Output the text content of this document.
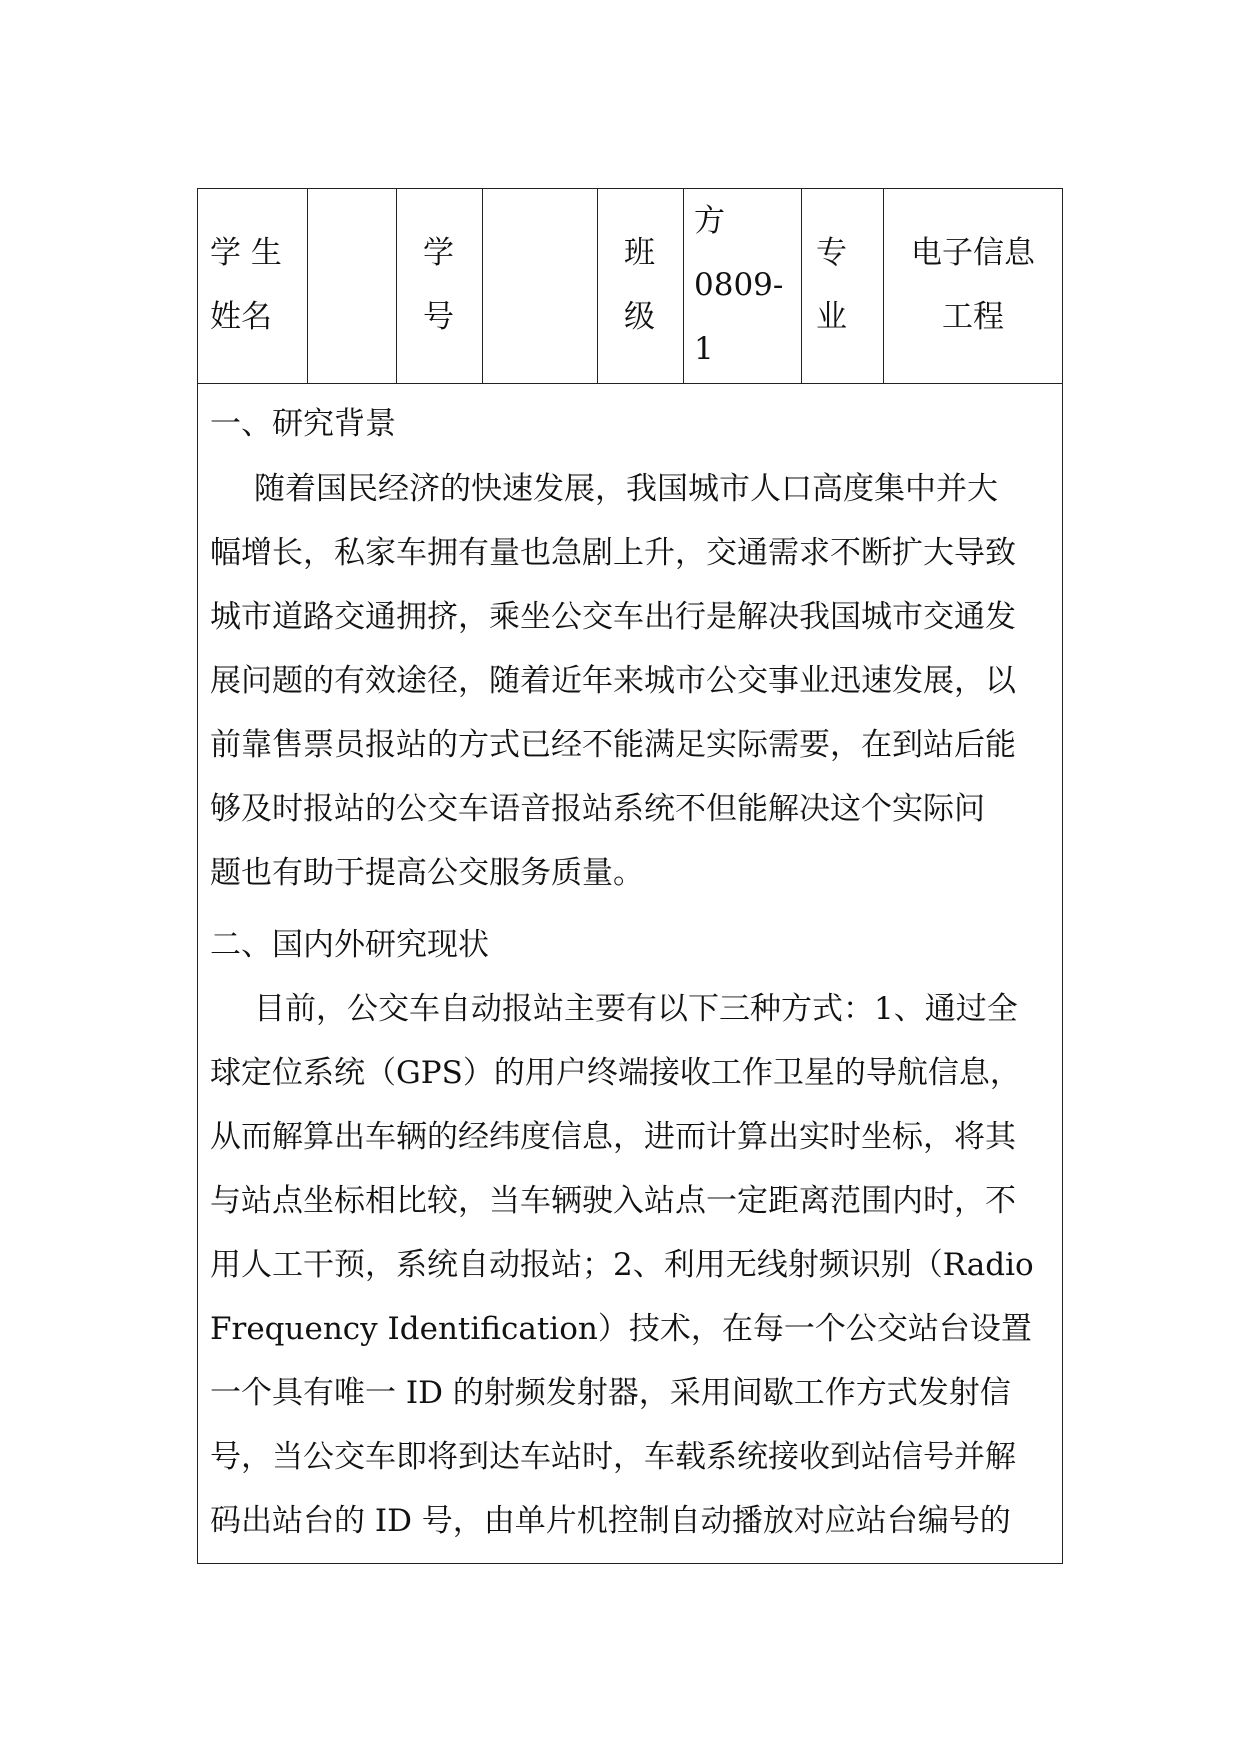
学 生
姓名
学
号
班
级
方
0809-
1
专
业
电子信息
工程
一、研究背景
随着国民经济的快速发展，我国城市人口高度集中并大
幅增长，私家车拥有量也急剧上升，交通需求不断扩大导致
城市道路交通拥挤，乘坐公交车出行是解决我国城市交通发
展问题的有效途径，随着近年来城市公交事业迅速发展，以
前靠售票员报站的方式已经不能满足实际需要，在到站后能
够及时报站的公交车语音报站系统不但能解决这个实际问
题也有助于提高公交服务质量。
二、国内外研究现状
目前，公交车自动报站主要有以下三种方式：1、通过全
球定位系统（GPS）的用户终端接收工作卫星的导航信息，
从而解算出车辆的经纬度信息，进而计算出实时坐标，将其
与站点坐标相比较，当车辆驶入站点一定距离范围内时，不
用人工干预，系统自动报站；2、利用无线射频识别（Radio
Frequency Identification）技术，在每一个公交站台设置
一个具有唯一 ID 的射频发射器，采用间歇工作方式发射信
号，当公交车即将到达车站时，车载系统接收到站信号并解
码出站台的 ID 号，由单片机控制自动播放对应站台编号的
